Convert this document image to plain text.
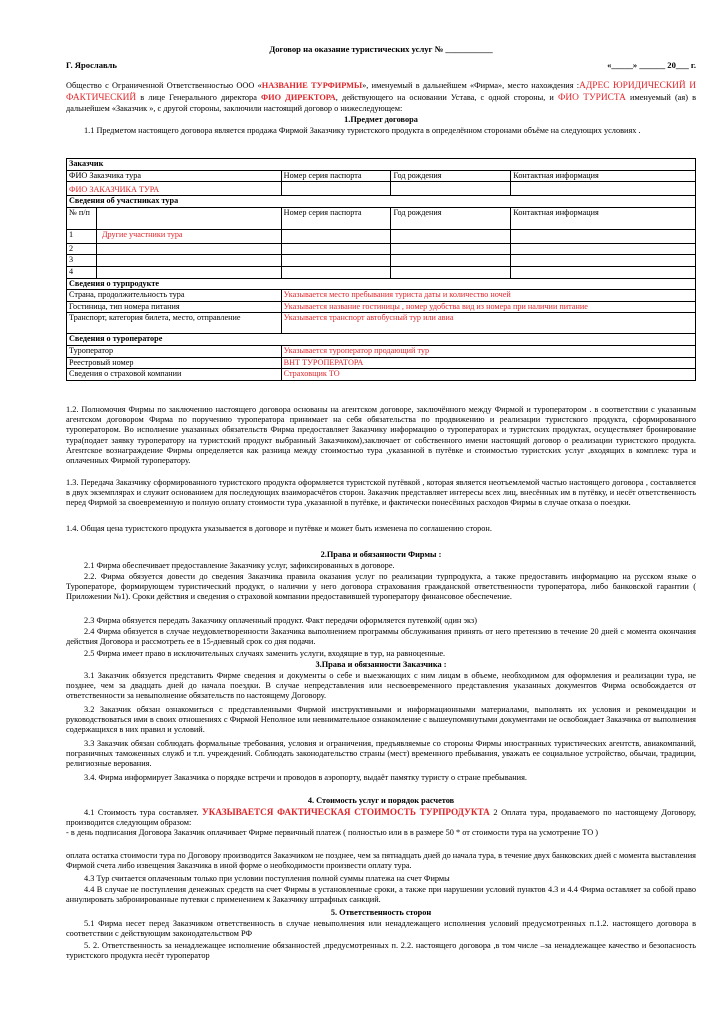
Договор на оказание туристических услуг № ___________
Г. Ярославль	«_____» ______ 20___ г.
Общество с Ограниченной Ответственностью ООО «НАЗВАНИЕ ТУРФИРМЫ», именуемый в дальнейшем «Фирма», место нахождения :АДРЕС ЮРИДИЧЕСКИЙ И ФАКТИЧЕСКИЙ в лице Генерального директора ФИО ДИРЕКТОРА, действующего на основании Устава, с одной стороны, и ФИО ТУРИСТА именуемый (ая) в дальнейшем «Заказчик », с другой стороны, заключили настоящий договор о нижеследующем:
1.Предмет договора
1.1 Предметом настоящего договора является продажа Фирмой Заказчику туристского продукта в определённом сторонами объёме на следующих условиях .
Заказчик				
ФИО Заказчика тура		Номер серия паспорта	Год рождения	Контактная информация
ФИО ЗАКАЗЧИКА ТУРА				
Сведения об участниках тура				
№ п/п		Номер серия паспорта	Год рождения	Контактная информация
1	Другие участники тура			
2				
3				
4				
Сведения о турпродукте				
Страна, продолжительность тура		Указывается место пребывания туриста даты и количество ночей		
Гостиница, тип номера питания		Указывается название гостиницы , номер удобства вид из номера при наличии питание		
Транспорт, категория билета, место, отправление		Указывается транспорт автобусный тур или авиа		
Сведения о туроператоре				
Туроператор		Указывается туроператор продающий тур		
Реестровый номер		ВНТ ТУРОПЕРАТОРА		
Сведения о страховой компании		Страховщик ТО		
1.2. Полномочия Фирмы по заключению настоящего договора основаны на агентском договоре, заключённого между Фирмой и туроператором . в соответствии с указанным агентском договором Фирма по поручению туроператора принимает на себя обязательства по продвижению и реализации туристского продукта, сформированного туроператором. Во исполнение указанных обязательств Фирма предоставляет Заказчику информацию о туроператорах и туристских продуктах, осуществляет бронирование тура(подает заявку туроператору на туристский продукт выбранный Заказчиком),заключает от собственного имени настоящий договор о реализации туристского продукта. Агентское вознаграждение Фирмы определяется как разница между стоимостью тура ,указанной в путёвке и стоимостью туристских услуг ,входящих в комплекс тура и оплаченных Фирмой туроператору.
1.3. Передача Заказчику сформированного туристского продукта оформляется туристской путёвкой , которая является неотъемлемой частью настоящего договора , составляется в двух экземплярах и служит основанием для последующих взаиморасчётов сторон. Заказчик представляет интересы всех лиц, внесённых им в путёвку, и несёт ответственность перед Фирмой за своевременную и полную оплату стоимости тура ,указанной в путёвке, и фактически понесённых расходов Фирмы в случае отказа о поездки.
1.4. Общая цена туристского продукта указывается в договоре и путёвке и может быть изменена по соглашению сторон.
2.Права и обязанности Фирмы :
2.1 Фирма обеспечивает предоставление Заказчику услуг, зафиксированных в договоре.
2.2. Фирма обязуется довести до сведения Заказчика правила оказания услуг по реализации турпродукта, а также предоставить информацию на русском языке о Туроператоре, формирующем туристический продукт, о наличии у него договора страхования гражданской ответственности туроператора, либо банковской гарантии ( Приложении №1). Сроки действия и сведения о страховой компании предоставившей туроператору финансовое обеспечение.
2.3 Фирма обязуется передать Заказчику оплаченный продукт. Факт передачи оформляется путевкой( один экз)
2.4 Фирма обязуется в случае неудовлетворенности Заказчика выполнением программы обслуживания принять от него претензию в течение 20 дней с момента окончания действия Договора и рассмотреть ее в 15-дневный срок со дня подачи.
2.5 Фирма имеет право в исключительных случаях заменить услуги, входящие в тур, на равноценные.
3.Права и обязанности Заказчика :
3.1 Заказчик обязуется представить Фирме сведения и документы о себе и выезжающих с ним лицам в объеме, необходимом для оформления и реализации тура, не позднее, чем за двадцать дней до начала поездки. В случае непредставления или несвоевременного представления указанных документов Фирма освобождается от ответственности за невыполнение обязательств по настоящему Договору.
3.2 Заказчик обязан ознакомиться с представленными Фирмой инструктивными и информационными материалами, выполнять их условия и рекомендации и руководствоваться ими в своих отношениях с Фирмой Неполное или невнимательное ознакомление с вышеупомянутыми документами не освобождает Заказчика от выполнения содержащихся в них правил и условий.
3.3 Заказчик обязан соблюдать формальные требования, условия и ограничения, предъявляемые со стороны Фирмы иностранных туристических агентств, авиакомпаний, пограничных таможенных служб и т.п. учреждений. Соблюдать законодательство страны (мест) временного пребывания, уважать ее социальное устройство, обычаи, традиции, религиозные верования.
3.4. Фирма информирует Заказчика о порядке встречи и проводов в аэропорту, выдаёт памятку туристу о стране пребывания.
4. Стоимость услуг и порядок расчетов
4.1 Стоимость тура составляет. УКАЗЫВАЕТСЯ ФАКТИЧЕСКАЯ СТОИМОСТЬ ТУРПРОДУКТА 2 Оплата тура, продаваемого по настоящему Договору, производится следующим образом:
- в день подписания Договора Заказчик оплачивает Фирме первичный платеж ( полностью или в в размере 50 * от стоимости тура на усмотрение ТО )
оплата остатка стоимости тура по Договору производится Заказчиком не позднее, чем за пятнадцать дней до начала тура, в течение двух банковских дней с момента выставления Фирмой счета либо извещения Заказчика в иной форме о необходимости произвести оплату тура.
4.3 Тур считается оплаченным только при условии поступления полной суммы платежа на счет Фирмы
4.4 В случае не поступления денежных средств на счет Фирмы в установленные сроки, а также при нарушении условий пунктов 4.3 и 4.4 Фирма оставляет за собой право аннулировать забронированные путевки с применением к Заказчику штрафных санкций.
5. Ответственность сторон
5.1 Фирма несет перед Заказчиком ответственность в случае невыполнения или ненадлежащего исполнения условий предусмотренных п.1.2. настоящего договора в соответствии с действующим законодательством РФ
5. 2. Ответственность за ненадлежащее исполнение обязанностей ,предусмотренных п. 2.2. настоящего договора ,в том числе –за ненадлежащее качество и безопасность туристского продукта несёт туроператор
